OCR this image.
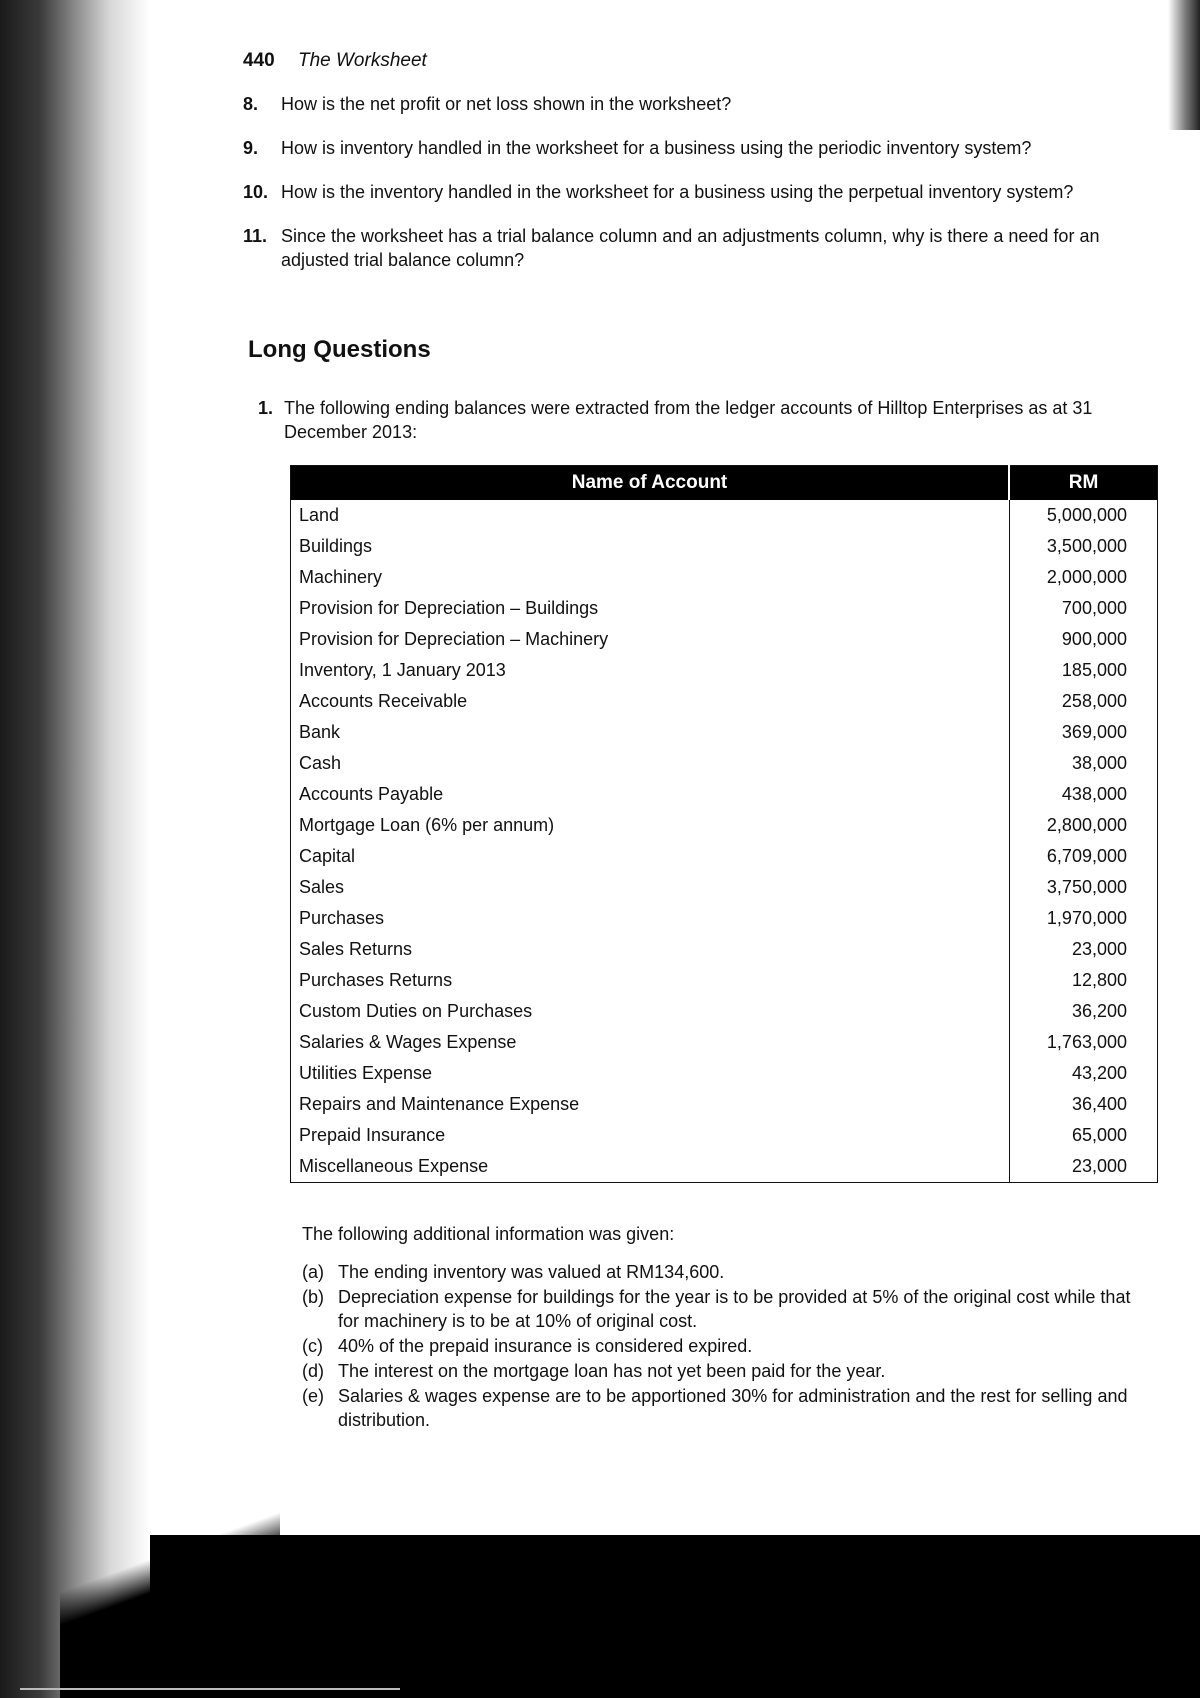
440 The Worksheet
8.	How is the net profit or net loss shown in the worksheet?
9.	How is inventory handled in the worksheet for a business using the periodic inventory system?
10. How is the inventory handled in the worksheet for a business using the perpetual inventory system?
11. Since the worksheet has a trial balance column and an adjustments column, why is there a need for an adjusted trial balance column?
Long Questions
1. The following ending balances were extracted from the ledger accounts of Hilltop Enterprises as at 31 December 2013:
Name of Account	RM
Land	5,000,000
Buildings	3,500,000
Machinery	2,000,000
Provision for Depreciation – Buildings	700,000
Provision for Depreciation – Machinery	900,000
Inventory, 1 January 2013	185,000
Accounts Receivable	258,000
Bank	369,000
Cash	38,000
Accounts Payable	438,000
Mortgage Loan (6% per annum)	2,800,000
Capital	6,709,000
Sales	3,750,000
Purchases	1,970,000
Sales Returns	23,000
Purchases Returns	12,800
Custom Duties on Purchases	36,200
Salaries & Wages Expense	1,763,000
Utilities Expense	43,200
Repairs and Maintenance Expense	36,400
Prepaid Insurance	65,000
Miscellaneous Expense	23,000
The following additional information was given:
(a) The ending inventory was valued at RM134,600.
(b) Depreciation expense for buildings for the year is to be provided at 5% of the original cost while that for machinery is to be at 10% of original cost.
(c) 40% of the prepaid insurance is considered expired.
(d) The interest on the mortgage loan has not yet been paid for the year.
(e) Salaries & wages expense are to be apportioned 30% for administration and the rest for selling and distribution.
